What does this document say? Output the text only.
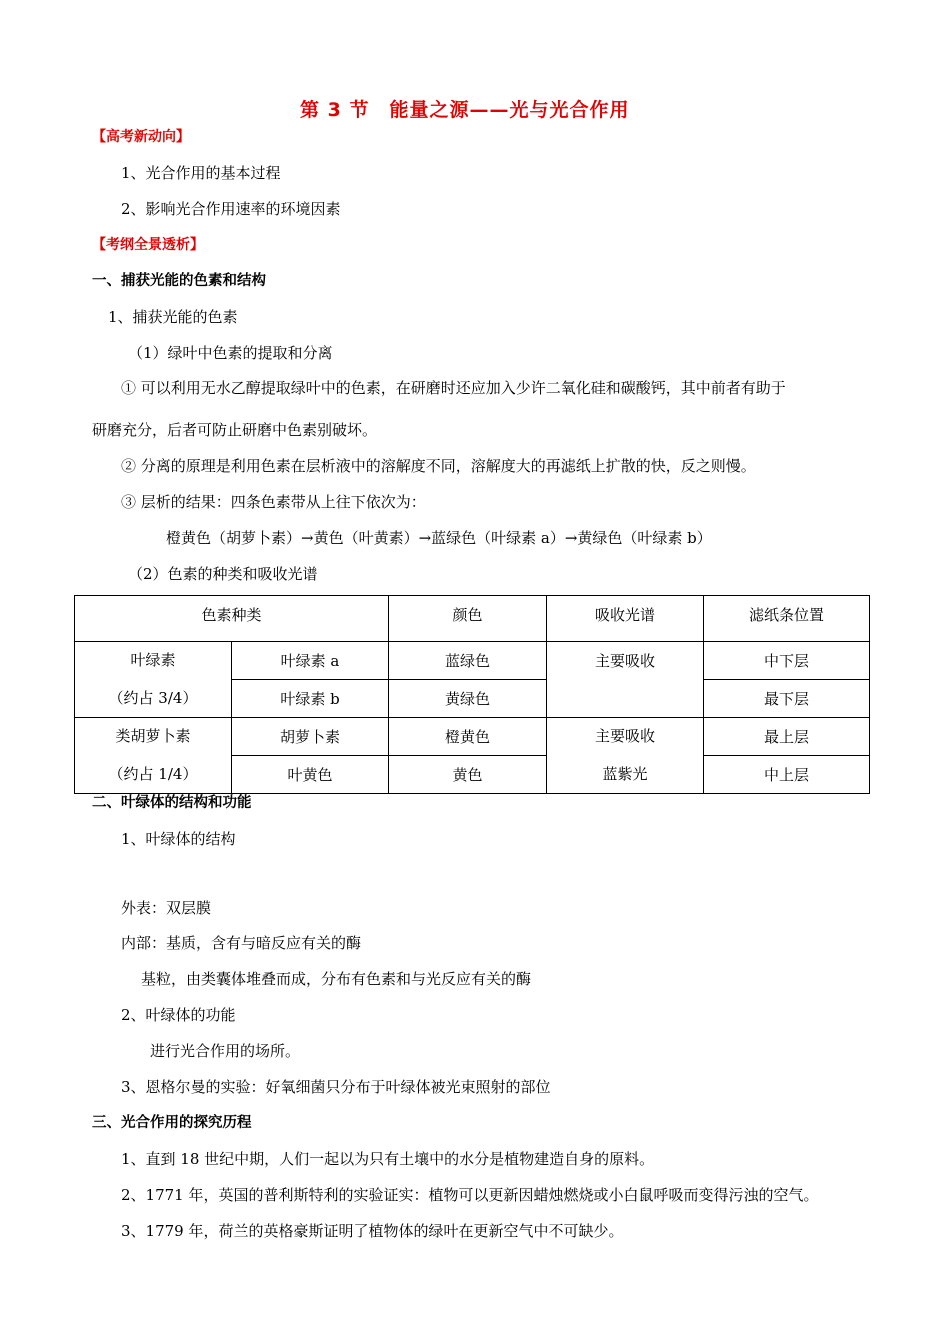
第 3 节　能量之源——光与光合作用
【高考新动向】
1、光合作用的基本过程
2、影响光合作用速率的环境因素
【考纲全景透析】
一、捕获光能的色素和结构
1、捕获光能的色素
（1）绿叶中色素的提取和分离
① 可以利用无水乙醇提取绿叶中的色素，在研磨时还应加入少许二氧化硅和碳酸钙，其中前者有助于
研磨充分，后者可防止研磨中色素别破坏。
② 分离的原理是利用色素在层析液中的溶解度不同，溶解度大的再滤纸上扩散的快，反之则慢。
③ 层析的结果：四条色素带从上往下依次为：
橙黄色（胡萝卜素）→黄色（叶黄素）→蓝绿色（叶绿素 a）→黄绿色（叶绿素 b）
（2）色素的种类和吸收光谱
色素种类		颜色	吸收光谱	滤纸条位置

叶绿素
（约占 3/4）	叶绿素 a	蓝绿色	主要吸收	中下层
	叶绿素 b	黄绿色		最下层

类胡萝卜素
（约占 1/4）	胡萝卜素	橙黄色	主要吸收
蓝紫光	最上层
	叶黄色	黄色		中上层
二、叶绿体的结构和功能
1、叶绿体的结构
外表：双层膜
内部：基质，含有与暗反应有关的酶
基粒，由类囊体堆叠而成，分布有色素和与光反应有关的酶
2、叶绿体的功能
进行光合作用的场所。
3、恩格尔曼的实验：好氧细菌只分布于叶绿体被光束照射的部位
三、光合作用的探究历程
1、直到 18 世纪中期，人们一起以为只有土壤中的水分是植物建造自身的原料。
2、1771 年，英国的普利斯特利的实验证实：植物可以更新因蜡烛燃烧或小白鼠呼吸而变得污浊的空气。
3、1779 年，荷兰的英格豪斯证明了植物体的绿叶在更新空气中不可缺少。
